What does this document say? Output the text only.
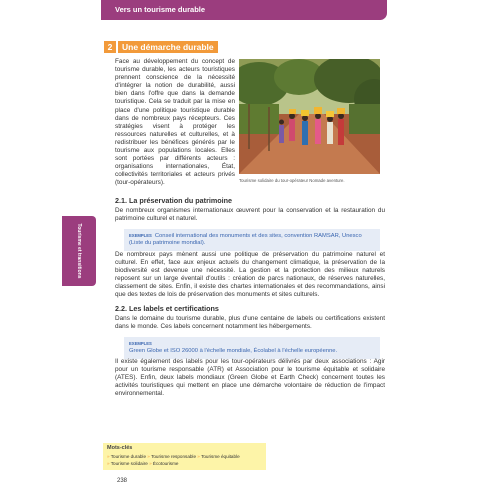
Vers un tourisme durable
Tourisme et transitions
2	Une démarche durable
Face au développement du concept de tourisme durable, les acteurs touristiques prennent conscience de la nécessité d'intégrer la notion de durabilité, aussi bien dans l'offre que dans la demande touristique. Cela se traduit par la mise en place d'une politique touristique durable dans de nombreux pays récepteurs. Ces stratégies visent à protéger les ressources naturelles et culturelles, et à redistribuer les bénéfices générés par le tourisme aux populations locales. Elles sont portées par différents acteurs : organisations internationales, État, collectivités territoriales et acteurs privés (tour-opérateurs).	Tourisme solidaire du tour-opérateur Nomade aventure.
2.1. La préservation du patrimoine
De nombreux organismes internationaux œuvrent pour la conservation et la restauration du patrimoine culturel et naturel.
EXEMPLES Conseil international des monuments et des sites, convention RAMSAR, Unesco (Liste du patrimoine mondial).
De nombreux pays mènent aussi une politique de préservation du patrimoine naturel et culturel. En effet, face aux enjeux actuels du changement climatique, la préservation de la biodiversité est devenue une nécessité. La gestion et la protection des milieux naturels reposent sur un large éventail d'outils : création de parcs nationaux, de réserves naturelles, classement de sites. Enfin, il existe des chartes internationales et des recommandations, ainsi que des textes de lois de préservation des monuments et sites culturels.
2.2. Les labels et certifications
Dans le domaine du tourisme durable, plus d'une centaine de labels ou certifications existent dans le monde. Ces labels concernent notamment les hébergements.
EXEMPLES
Green Globe et ISO 26000 à l'échelle mondiale, Écolabel à l'échelle européenne.
Il existe également des labels pour les tour-opérateurs délivrés par deux associations : Agir pour un tourisme responsable (ATR) et Association pour le tourisme équitable et solidaire (ATES). Enfin, deux labels mondiaux (Green Globe et Earth Check) concernent toutes les activités touristiques qui mettent en place une démarche volontaire de réduction de l'impact environnemental.
Mots-clés
» Tourisme durable » Tourisme responsable » Tourisme équitable
» Tourisme solidaire » Écotourisme
238
